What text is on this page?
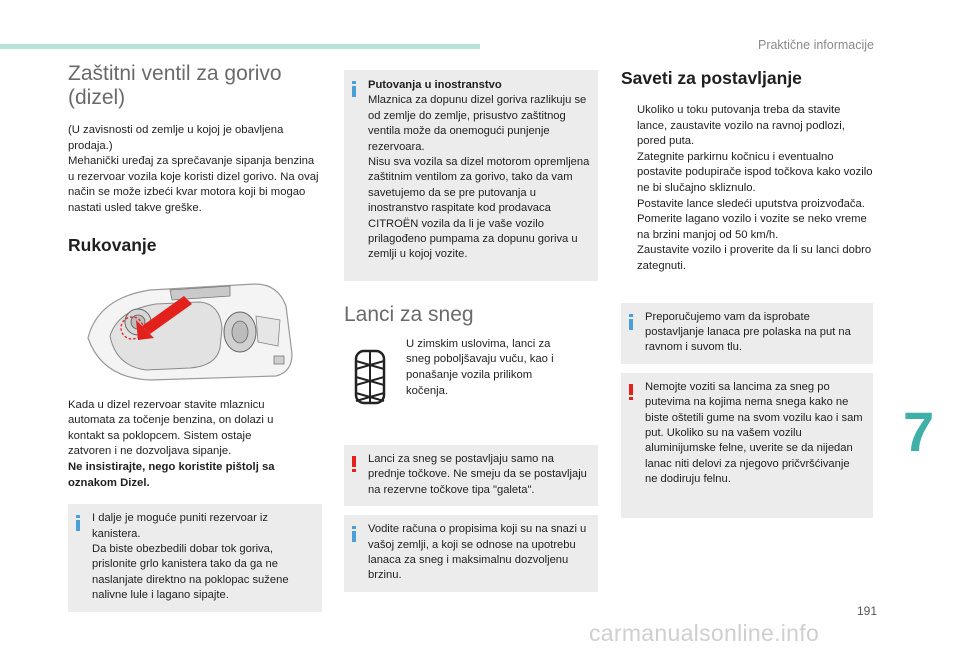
Praktične informacije
Zaštitni ventil za gorivo (dizel)

(U zavisnosti od zemlje u kojoj je obavljena prodaja.)

Mehanički uređaj za sprečavanje sipanja benzina u rezervoar vozila koje koristi dizel gorivo. Na ovaj način se može izbeći kvar motora koji bi mogao nastati usled takve greške.

Rukovanje

Kada u dizel rezervoar stavite mlaznicu automata za točenje benzina, on dolazi u kontakt sa poklopcem. Sistem ostaje zatvoren i ne dozvoljava sipanje.

Ne insistirajte, nego koristite pištolj sa oznakom Dizel.

I dalje je moguće puniti rezervoar iz kanistera.

Da biste obezbedili dobar tok goriva, prislonite grlo kanistera tako da ga ne naslanjate direktno na poklopac sužene nalivne lule i lagano sipajte.

Putovanja u inostranstvo

Mlaznica za dopunu dizel goriva razlikuju se od zemlje do zemlje, prisustvo zaštitnog ventila može da onemogući punjenje rezervoara.

Nisu sva vozila sa dizel motorom opremljena zaštitnim ventilom za gorivo, tako da vam savetujemo da se pre putovanja u inostranstvo raspitate kod prodavaca CITROËN vozila da li je vaše vozilo prilagođeno pumpama za dopunu goriva u zemlji u kojoj vozite.

Lanci za sneg

U zimskim uslovima, lanci za sneg poboljšavaju vuču, kao i ponašanje vozila prilikom kočenja.

Lanci za sneg se postavljaju samo na prednje točkove. Ne smeju da se postavljaju na rezervne točkove tipa "galeta".

Vodite računa o propisima koji su na snazi u vašoj zemlji, a koji se odnose na upotrebu lanaca za sneg i maksimalnu dozvoljenu brzinu.

Saveti za postavljanje
Ukoliko u toku putovanja treba da stavite lance, zaustavite vozilo na ravnoj podlozi, pored puta.
Zategnite parkirnu kočnicu i eventualno postavite podupirače ispod točkova kako vozilo ne bi slučajno skliznulo.
Postavite lance sledeći uputstva proizvođača.
Pomerite lagano vozilo i vozite se neko vreme na brzini manjoj od 50 km/h.
Zaustavite vozilo i proverite da li su lanci dobro zategnuti.

Preporučujemo vam da isprobate postavljanje lanaca pre polaska na put na ravnom i suvom tlu.

Nemojte voziti sa lancima za sneg po putevima na kojima nema snega kako ne biste oštetili gume na svom vozilu kao i sam put. Ukoliko su na vašem vozilu aluminijumske felne, uverite se da nijedan lanac niti delovi za njegovo pričvršćivanje ne dodiruju felnu.

7
191
carmanualsonline.info
